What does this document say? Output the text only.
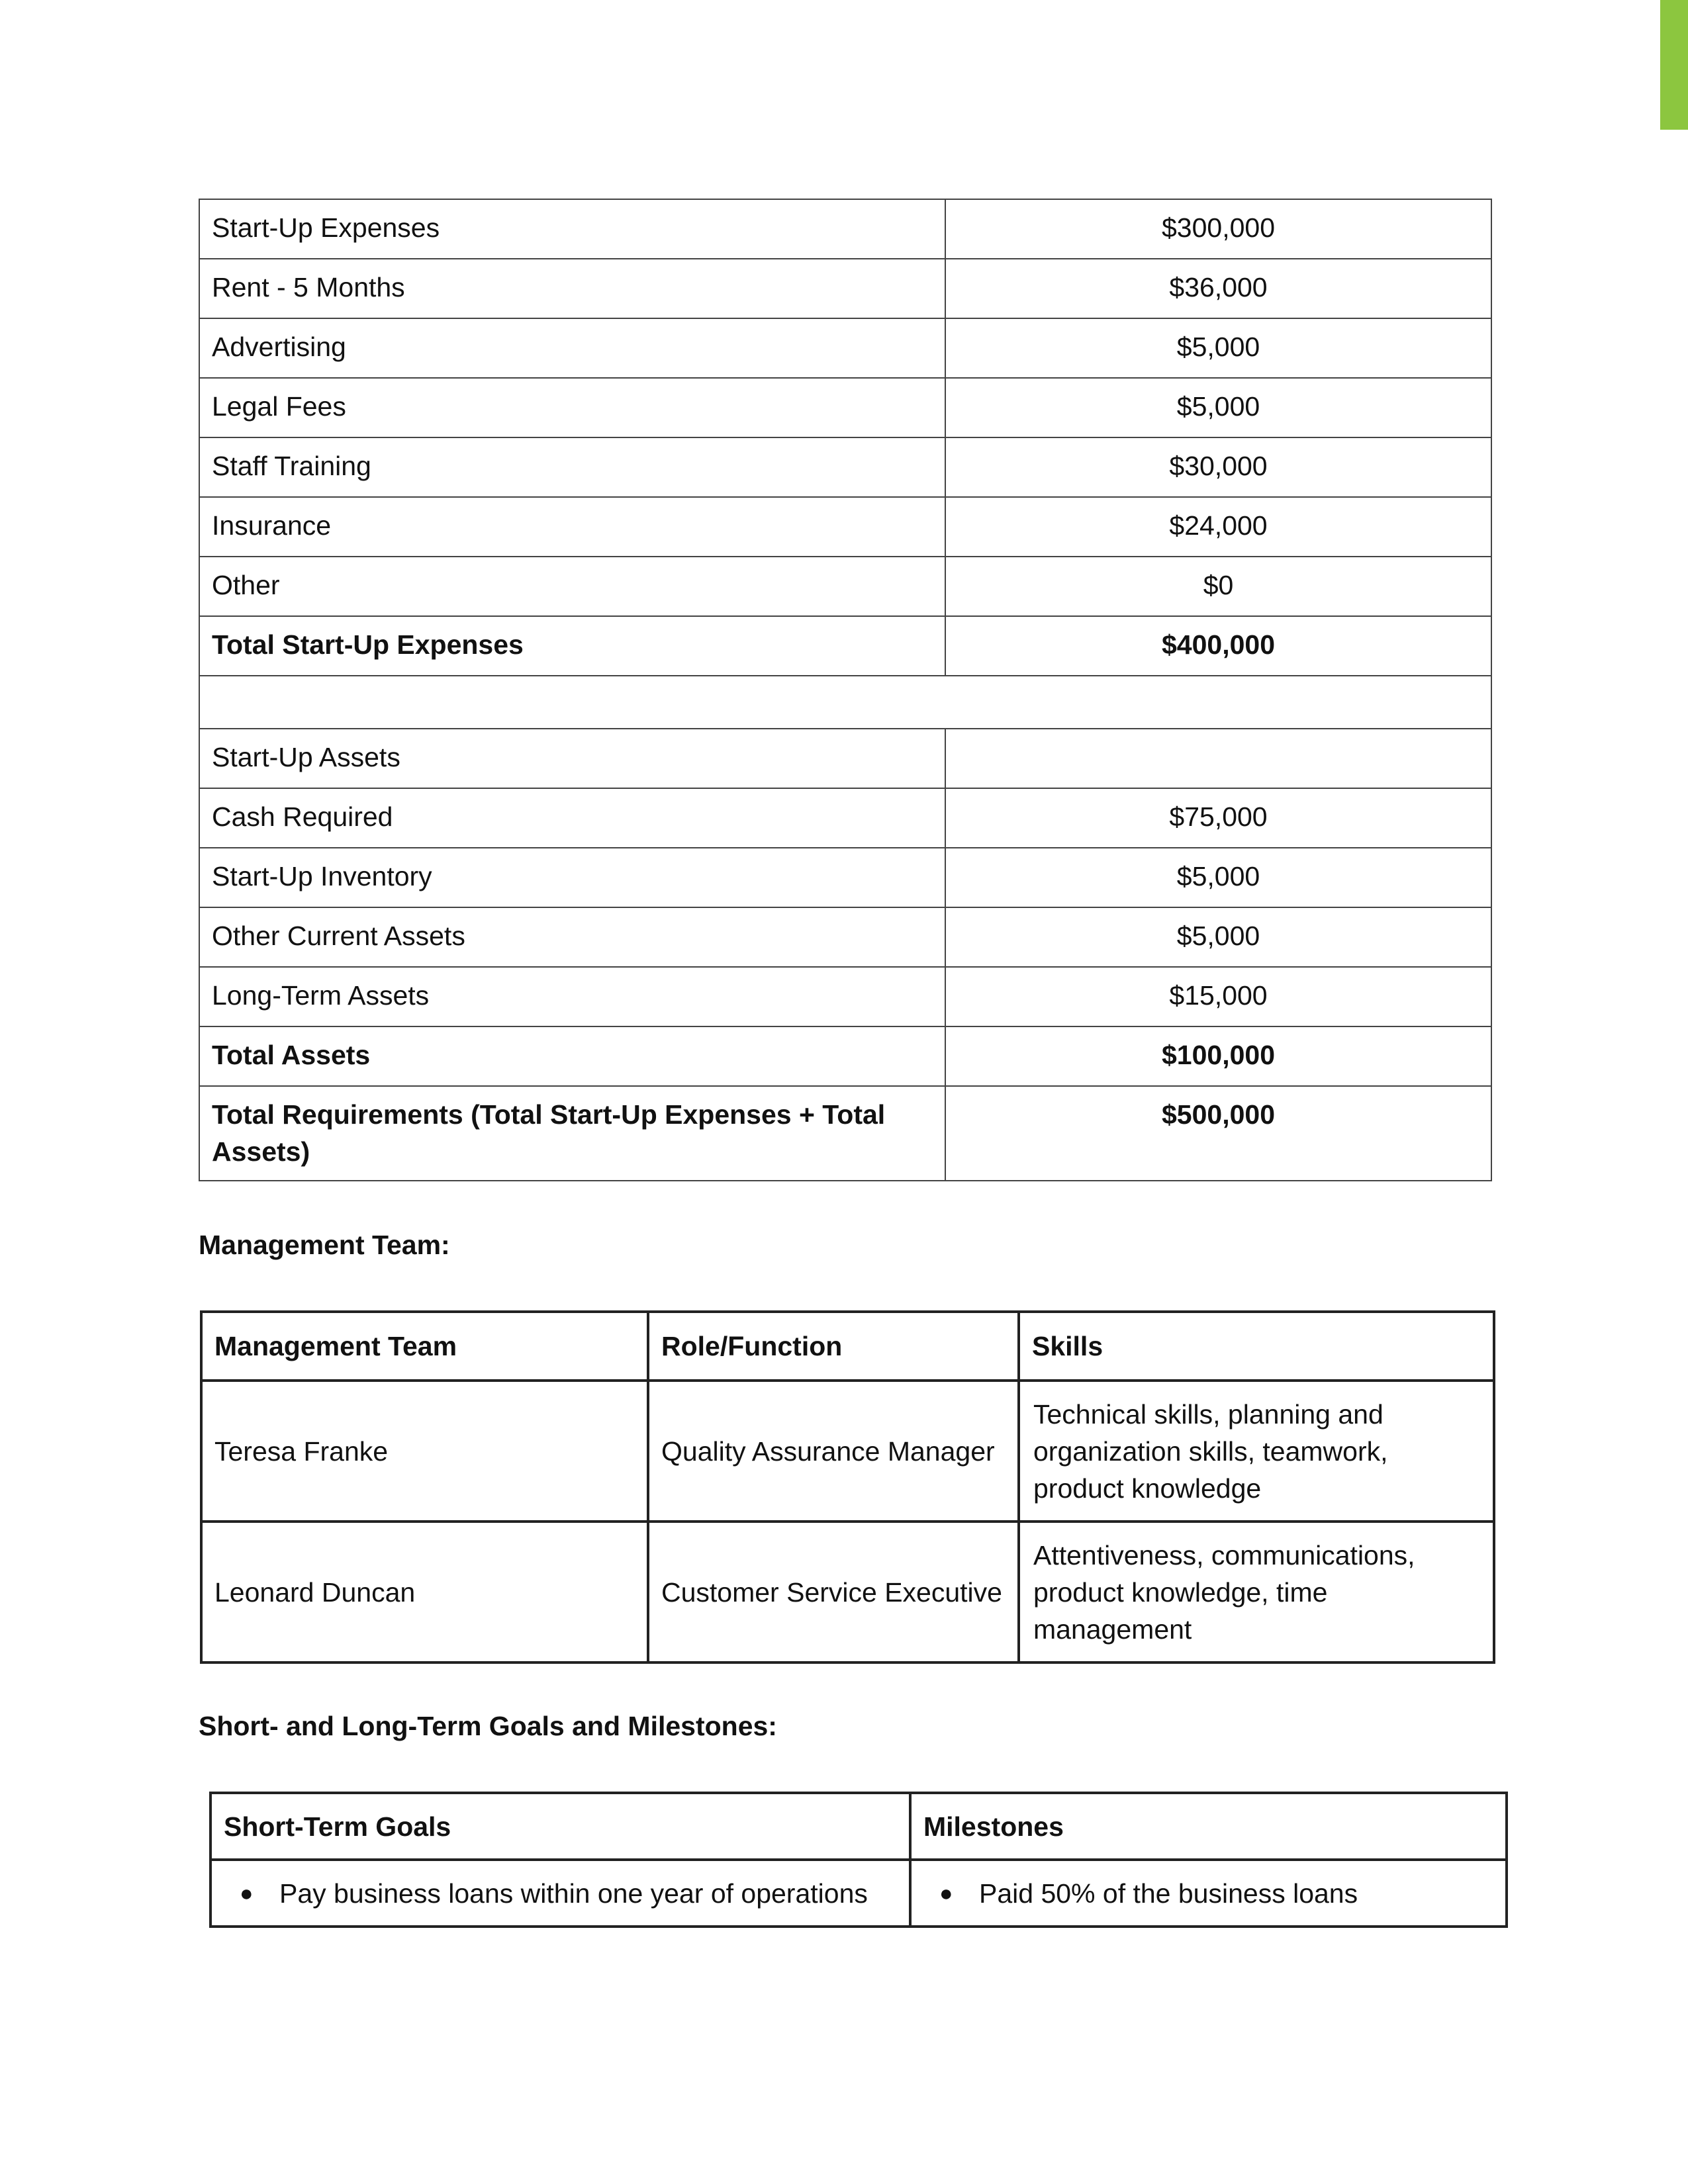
Start-Up Expenses	$300,000
Rent - 5 Months	$36,000
Advertising	$5,000
Legal Fees	$5,000
Staff Training	$30,000
Insurance	$24,000
Other	$0
Total Start-Up Expenses	$400,000

Start-Up Assets	
Cash Required	$75,000
Start-Up Inventory	$5,000
Other Current Assets	$5,000
Long-Term Assets	$15,000
Total Assets	$100,000
Total Requirements (Total Start-Up Expenses + Total Assets)	$500,000
Management Team:
Management Team	Role/Function	Skills
Teresa Franke	Quality Assurance Manager	Technical skills, planning and organization skills, teamwork, product knowledge
Leonard Duncan	Customer Service Executive	Attentiveness, communications, product knowledge, time management
Short- and Long-Term Goals and Milestones:
Short-Term Goals	Milestones

● Pay business loans within one year of operations	● Paid 50% of the business loans
